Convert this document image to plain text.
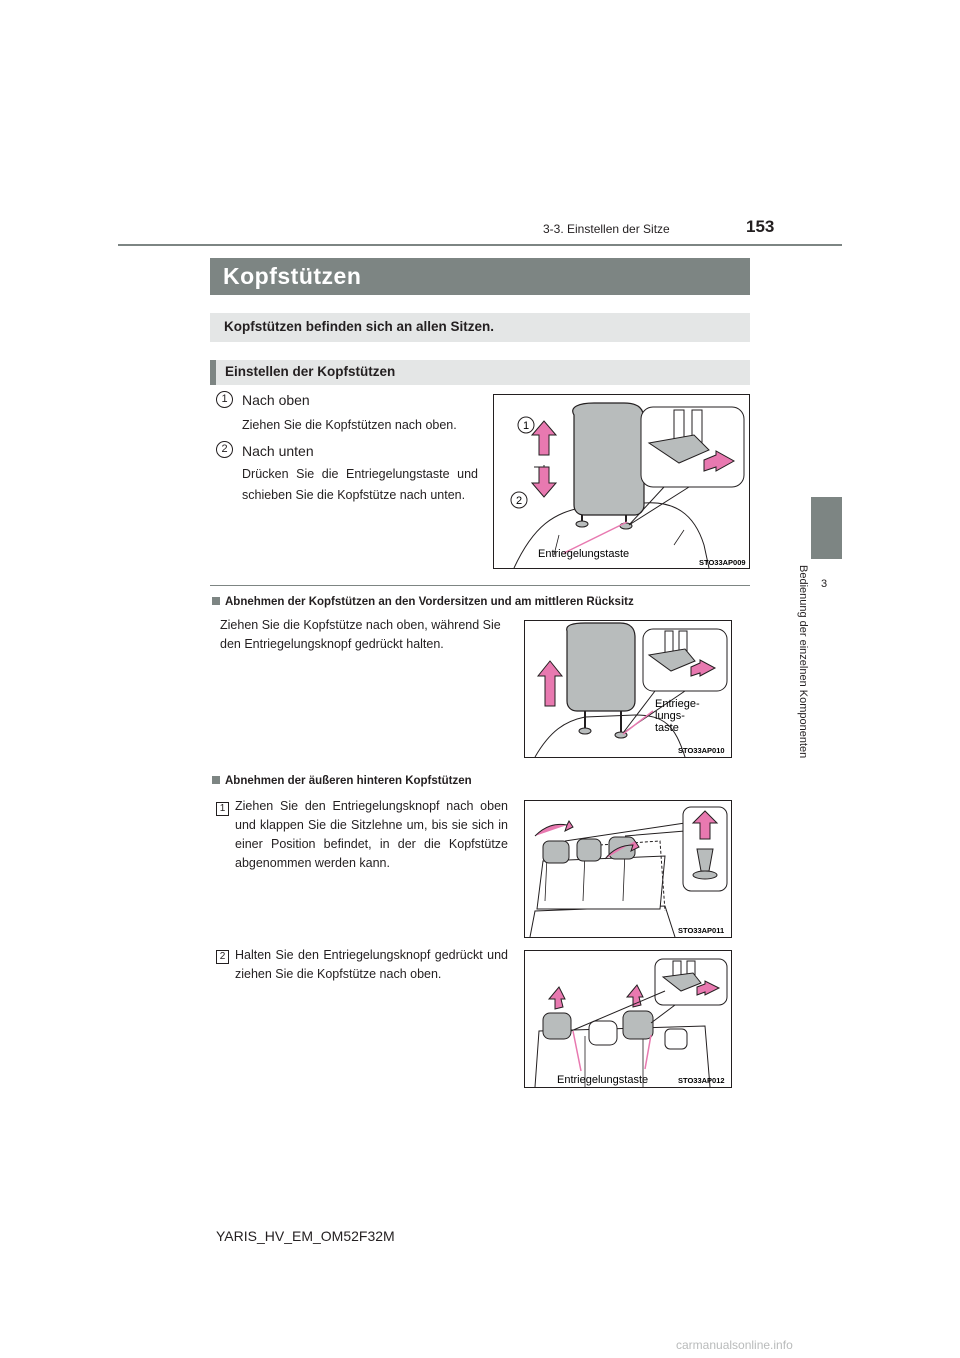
3-3. Einstellen der Sitze	153
3
Bedienung der einzelnen Komponenten
Kopfstützen
Kopfstützen befinden sich an allen Sitzen.
Einstellen der Kopfstützen
1	Nach oben
Ziehen Sie die Kopfstützen nach oben.
2	Nach unten
Drücken Sie die Entriegelungstaste und schieben Sie die Kopfstütze nach unten.
1
2
Entriegelungstaste
STO33AP009
Abnehmen der Kopfstützen an den Vordersitzen und am mittleren Rücksitz
Ziehen Sie die Kopfstütze nach oben, während Sie den Entriegelungsknopf gedrückt halten.
Entriege-lungs-taste
STO33AP010
Abnehmen der äußeren hinteren Kopfstützen
1 Ziehen Sie den Entriegelungsknopf nach oben und klappen Sie die Sitzlehne um, bis sie sich in einer Position befindet, in der die Kopfstütze abgenommen werden kann.
2 Halten Sie den Entriegelungsknopf gedrückt und ziehen Sie die Kopfstütze nach oben.
STO33AP011
Entriegelungstaste	STO33AP012
YARIS_HV_EM_OM52F32M
carmanualsonline.info
